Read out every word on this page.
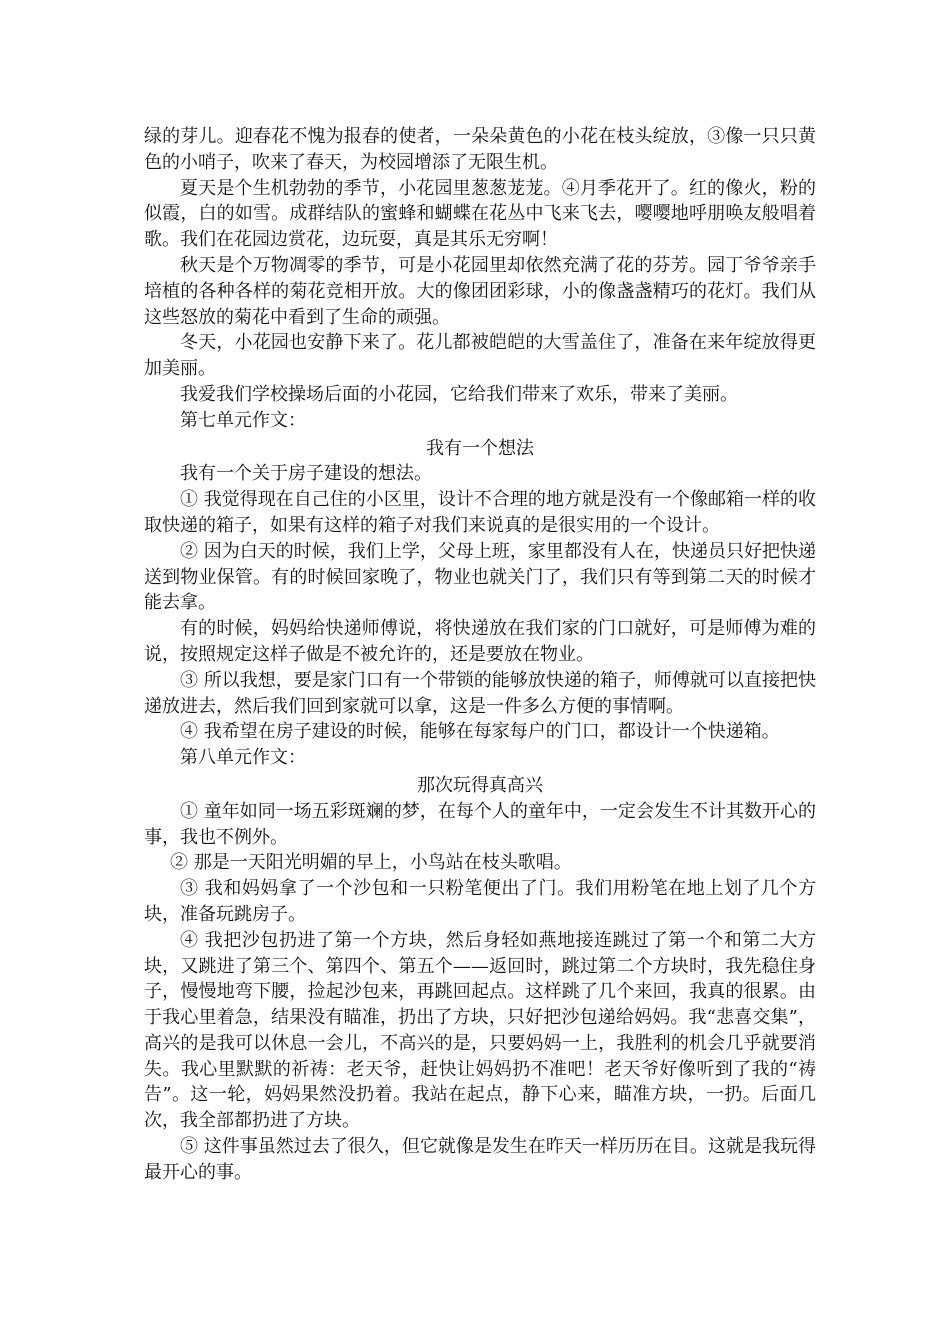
绿的芽儿。迎春花不愧为报春的使者，一朵朵黄色的小花在枝头绽放，③像一只只黄色的小哨子，吹来了春天，为校园增添了无限生机。

夏天是个生机勃勃的季节，小花园里葱葱茏茏。④月季花开了。红的像火，粉的似霞，白的如雪。成群结队的蜜蜂和蝴蝶在花丛中飞来飞去，嘤嘤地呼朋唤友般唱着歌。我们在花园边赏花，边玩耍，真是其乐无穷啊！

秋天是个万物凋零的季节，可是小花园里却依然充满了花的芬芳。园丁爷爷亲手培植的各种各样的菊花竞相开放。大的像团团彩球，小的像盏盏精巧的花灯。我们从这些怒放的菊花中看到了生命的顽强。

冬天，小花园也安静下来了。花儿都被皑皑的大雪盖住了，准备在来年绽放得更加美丽。

我爱我们学校操场后面的小花园，它给我们带来了欢乐，带来了美丽。

第七单元作文：

我有一个想法

我有一个关于房子建设的想法。

① 我觉得现在自己住的小区里，设计不合理的地方就是没有一个像邮箱一样的收取快递的箱子，如果有这样的箱子对我们来说真的是很实用的一个设计。

② 因为白天的时候，我们上学，父母上班，家里都没有人在，快递员只好把快递送到物业保管。有的时候回家晚了，物业也就关门了，我们只有等到第二天的时候才能去拿。

有的时候，妈妈给快递师傅说，将快递放在我们家的门口就好，可是师傅为难的说，按照规定这样子做是不被允许的，还是要放在物业。

③ 所以我想，要是家门口有一个带锁的能够放快递的箱子，师傅就可以直接把快递放进去，然后我们回到家就可以拿，这是一件多么方便的事情啊。

④ 我希望在房子建设的时候，能够在每家每户的门口，都设计一个快递箱。

第八单元作文：

那次玩得真高兴

① 童年如同一场五彩斑斓的梦，在每个人的童年中，一定会发生不计其数开心的事，我也不例外。

② 那是一天阳光明媚的早上，小鸟站在枝头歌唱。

③ 我和妈妈拿了一个沙包和一只粉笔便出了门。我们用粉笔在地上划了几个方块，准备玩跳房子。

④ 我把沙包扔进了第一个方块，然后身轻如燕地接连跳过了第一个和第二大方块，又跳进了第三个、第四个、第五个——返回时，跳过第二个方块时，我先稳住身子，慢慢地弯下腰，捡起沙包来，再跳回起点。这样跳了几个来回，我真的很累。由于我心里着急，结果没有瞄准，扔出了方块，只好把沙包递给妈妈。我“悲喜交集”，高兴的是我可以休息一会儿，不高兴的是，只要妈妈一上，我胜利的机会几乎就要消失。我心里默默的祈祷：老天爷，赶快让妈妈扔不准吧！老天爷好像听到了我的“祷告”。这一轮，妈妈果然没扔着。我站在起点，静下心来，瞄准方块，一扔。后面几次，我全部都扔进了方块。

⑤ 这件事虽然过去了很久，但它就像是发生在昨天一样历历在目。这就是我玩得最开心的事。
